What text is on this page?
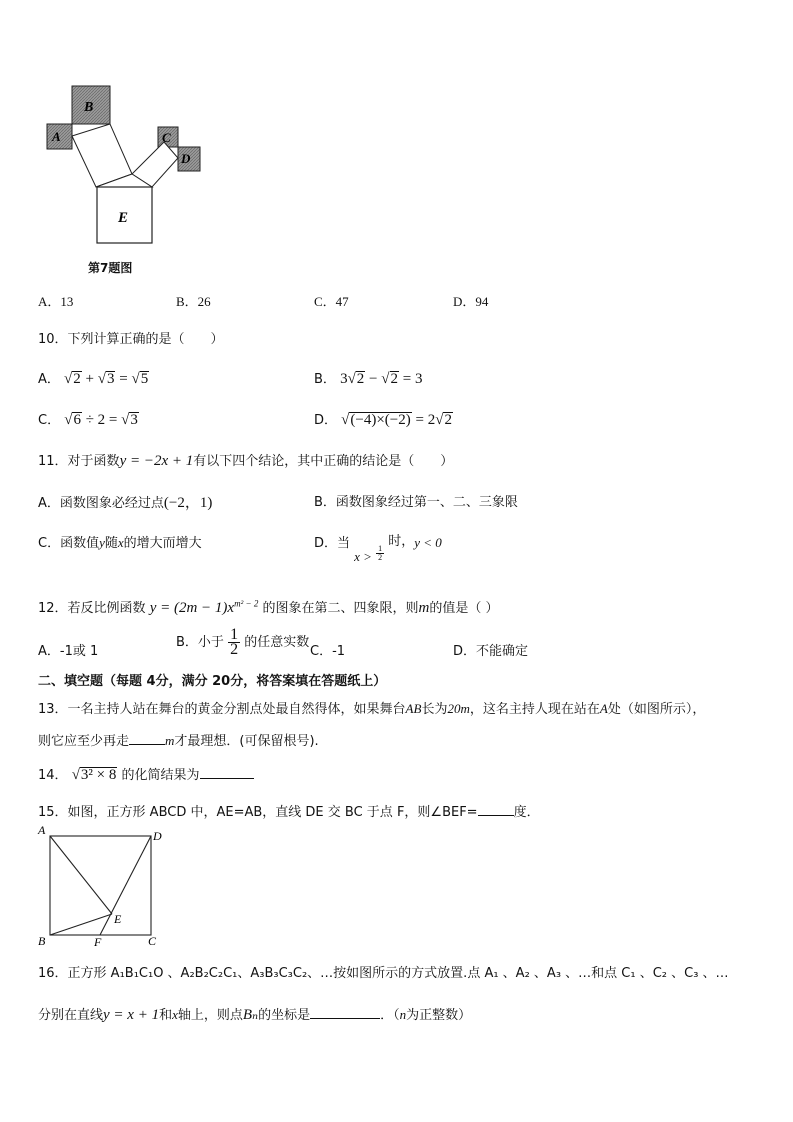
B
A	C
D
E
第7题图
A．13	B．26	C．47	D．94
10．下列计算正确的是（　　）
A． √2 + √3 = √5	B． 3√2 − √2 = 3
C． √6 ÷ 2 = √3	D． √(−4)×(−2) = 2√2
11．对于函数y = −2x + 1有以下四个结论，其中正确的结论是（　　）
A．函数图象必经过点(−2，1)	B．函数图象经过第一、二、三象限
C．函数值y随x的增大而增大	D．当 $x > \frac{1}{2}$
时，y < 0
12．若反比例函数 $y = (2m - 1)x^{m^2 - 2}$ 的图象在第二、四象限，则m的值是（ ）
A．-1或 1
B．小于 $\frac{1}{2}$ 的任意实数
C．-1	D．不能确定
二、填空题（每题 4分，满分 20分，将答案填在答题纸上）
13．一名主持人站在舞台的黄金分割点处最自然得体，如果舞台AB长为20m，这名主持人现在站在A处（如图所示），
则它应至少再走	m才最理想．(可保留根号).
14． √3² × 8 的化简结果为
15．如图，正方形 ABCD 中，AE=AB，直线 DE 交 BC 于点 F，则∠BEF=	度．
A	D
E
B	F	C
16．正方形 A₁B₁C₁O 、A₂B₂C₂C₁、A₃B₃C₃C₂、…按如图所示的方式放置.点 A₁ 、A₂ 、A₃ 、…和点 C₁ 、C₂ 、C₃ 、…
分别在直线y = x + 1和x轴上，则点Bₙ的坐标是	．（n为正整数）
